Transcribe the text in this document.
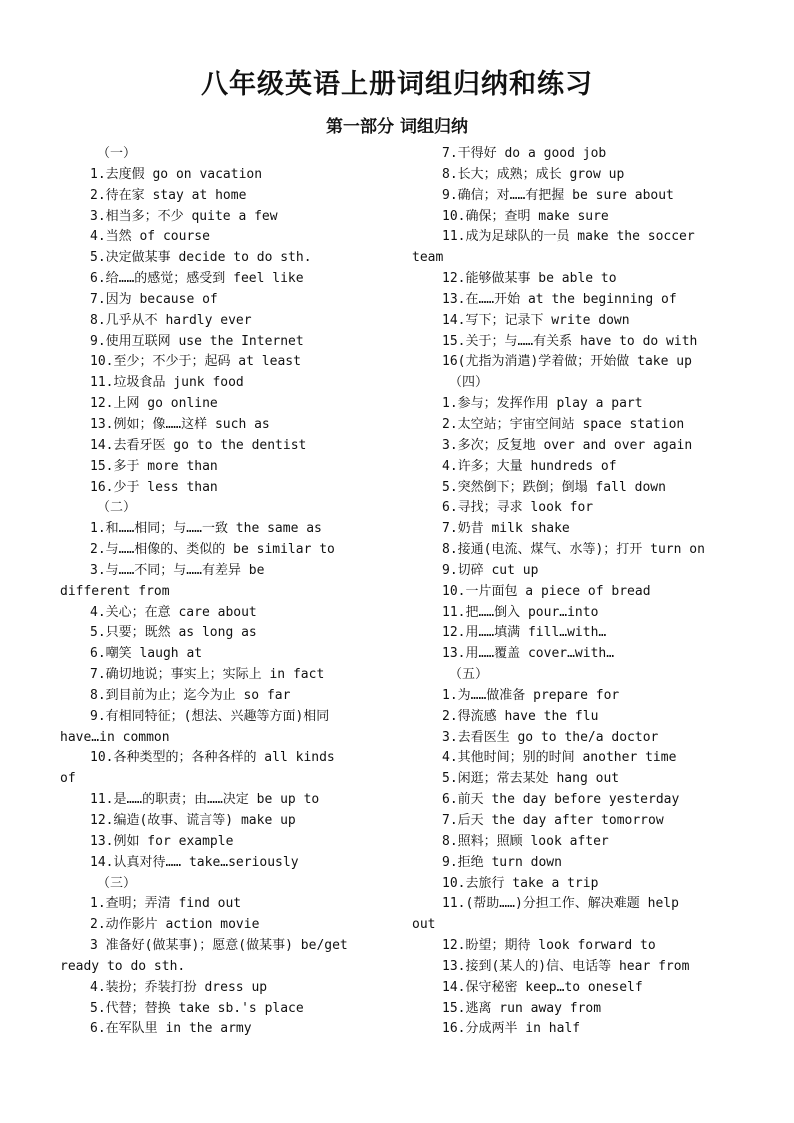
八年级英语上册词组归纳和练习
第一部分 词组归纳
（一）
1.去度假 go on vacation
2.待在家 stay at home
3.相当多；不少 quite a few
4.当然 of course
5.决定做某事 decide to do sth.
6.给……的感觉；感受到 feel like
7.因为 because of
8.几乎从不 hardly ever
9.使用互联网 use the Internet
10.至少；不少于；起码 at least
11.垃圾食品 junk food
12.上网 go online
13.例如；像……这样 such as
14.去看牙医 go to the dentist
15.多于 more than
16.少于 less than
（二）
1.和……相同；与……一致 the same as
2.与……相像的、类似的 be similar to
3.与……不同；与……有差异 be
different from
4.关心；在意 care about
5.只要；既然 as long as
6.嘲笑 laugh at
7.确切地说；事实上；实际上 in fact
8.到目前为止；迄今为止 so far
9.有相同特征；(想法、兴趣等方面)相同
have…in common
10.各种类型的；各种各样的 all kinds
of
11.是……的职责；由……决定 be up to
12.编造(故事、谎言等) make up
13.例如 for example
14.认真对待…… take…seriously
（三）
1.查明；弄清 find out
2.动作影片 action movie
3 准备好(做某事)；愿意(做某事) be/get
ready to do sth.
4.装扮；乔装打扮 dress up
5.代替；替换 take sb.'s place
6.在军队里 in the army
7.干得好 do a good job
8.长大；成熟；成长 grow up
9.确信；对……有把握 be sure about
10.确保；查明 make sure
11.成为足球队的一员 make the soccer
team
12.能够做某事 be able to
13.在……开始 at the beginning of
14.写下；记录下 write down
15.关于；与……有关系 have to do with
16(尤指为消遣)学着做；开始做 take up
（四）
1.参与；发挥作用 play a part
2.太空站；宇宙空间站 space station
3.多次；反复地 over and over again
4.许多；大量 hundreds of
5.突然倒下；跌倒；倒塌 fall down
6.寻找；寻求 look for
7.奶昔 milk shake
8.接通(电流、煤气、水等)；打开 turn on
9.切碎 cut up
10.一片面包 a piece of bread
11.把……倒入 pour…into
12.用……填满 fill…with…
13.用……覆盖 cover…with…
（五）
1.为……做准备 prepare for
2.得流感 have the flu
3.去看医生 go to the/a doctor
4.其他时间；别的时间 another time
5.闲逛；常去某处 hang out
6.前天 the day before yesterday
7.后天 the day after tomorrow
8.照料；照顾 look after
9.拒绝 turn down
10.去旅行 take a trip
11.(帮助……)分担工作、解决难题 help
out
12.盼望；期待 look forward to
13.接到(某人的)信、电话等 hear from
14.保守秘密 keep…to oneself
15.逃离 run away from
16.分成两半 in half
